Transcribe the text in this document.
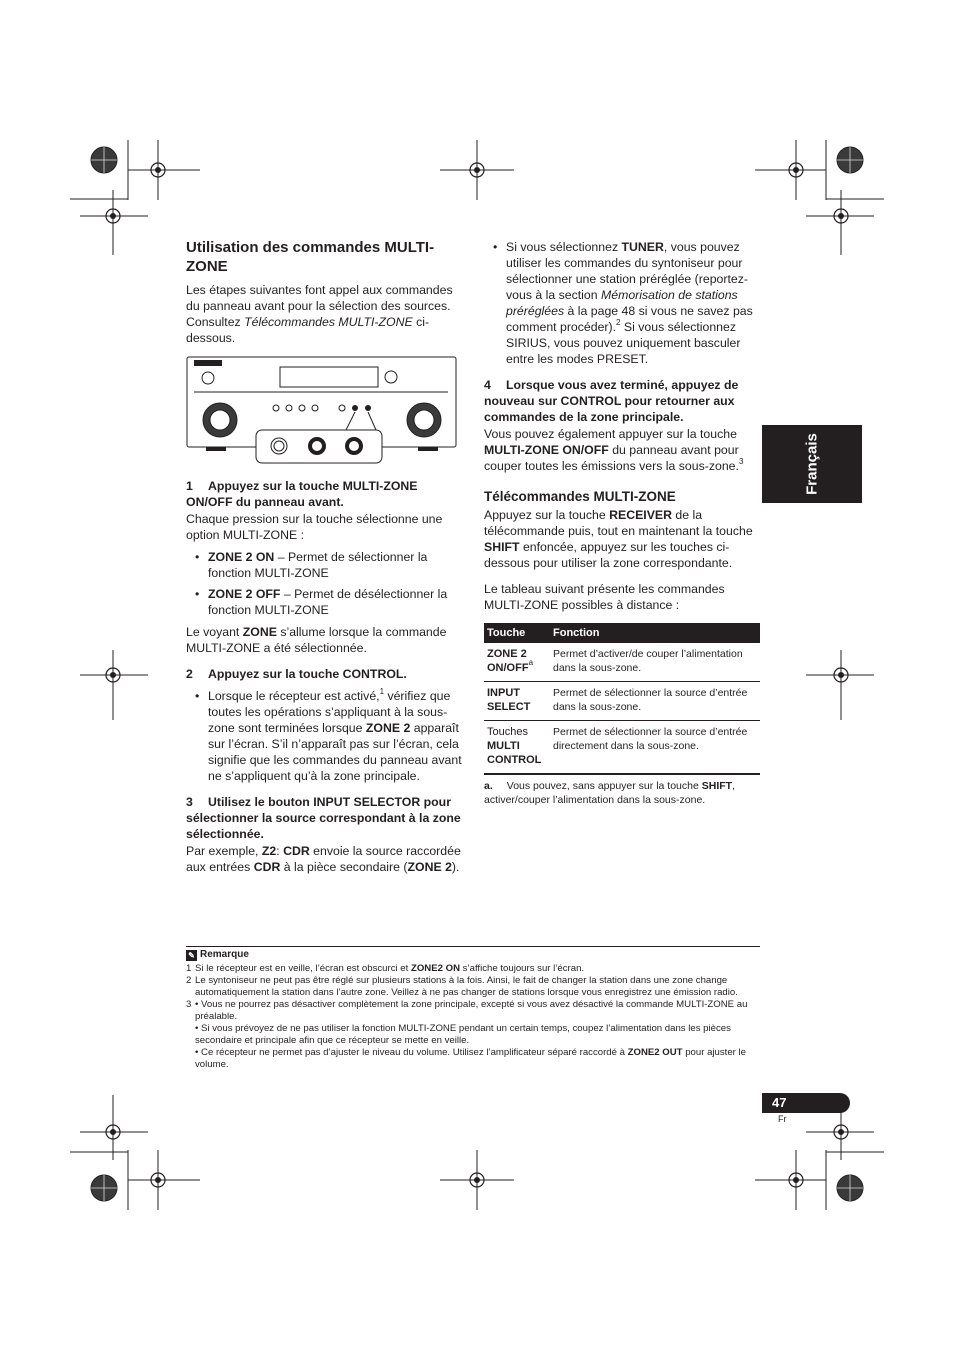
Utilisation des commandes MULTI-ZONE

Les étapes suivantes font appel aux commandes du panneau avant pour la sélection des sources. Consultez Télécommandes MULTI-ZONE ci-dessous.

1 Appuyez sur la touche MULTI-ZONE ON/OFF du panneau avant.

Chaque pression sur la touche sélectionne une option MULTI-ZONE :

• ZONE 2 ON – Permet de sélectionner la fonction MULTI-ZONE
• ZONE 2 OFF – Permet de désélectionner la fonction MULTI-ZONE

Le voyant ZONE s’allume lorsque la commande MULTI-ZONE a été sélectionnée.

2 Appuyez sur la touche CONTROL.

• Lorsque le récepteur est activé,$^1$ vérifiez que toutes les opérations s’appliquant à la sous-zone sont terminées lorsque ZONE 2 apparaît sur l’écran. S’il n’apparaît pas sur l’écran, cela signifie que les commandes du panneau avant ne s’appliquent qu’à la zone principale.

3 Utilisez le bouton INPUT SELECTOR pour sélectionner la source correspondant à la zone sélectionnée.

Par exemple, Z2: CDR envoie la source raccordée aux entrées CDR à la pièce secondaire (ZONE 2).

• Si vous sélectionnez TUNER, vous pouvez utiliser les commandes du syntoniseur pour sélectionner une station préréglée (reportez-vous à la section Mémorisation de stations préréglées à la page 48 si vous ne savez pas comment procéder).$^2$ Si vous sélectionnez SIRIUS, vous pouvez uniquement basculer entre les modes PRESET.

4 Lorsque vous avez terminé, appuyez de nouveau sur CONTROL pour retourner aux commandes de la zone principale.

Vous pouvez également appuyer sur la touche MULTI-ZONE ON/OFF du panneau avant pour couper toutes les émissions vers la sous-zone.$^3$

Télécommandes MULTI-ZONE

Appuyez sur la touche RECEIVER de la télécommande puis, tout en maintenant la touche SHIFT enfoncée, appuyez sur les touches ci-dessous pour utiliser la zone correspondante.

Le tableau suivant présente les commandes MULTI-ZONE possibles à distance :

Touche	Fonction
ZONE 2
ON/OFF$^a$	Permet d’activer/de couper l’alimentation dans la sous-zone.
INPUT
SELECT	Permet de sélectionner la source d’entrée dans la sous-zone.
Touches
MULTI
CONTROL	Permet de sélectionner la source d’entrée directement dans la sous-zone.
a. Vous pouvez, sans appuyer sur la touche SHIFT, activer/couper l’alimentation dans la sous-zone.
Français
✎ Remarque
1 Si le récepteur est en veille, l’écran est obscurci et ZONE2 ON s’affiche toujours sur l’écran.
2 Le syntoniseur ne peut pas être réglé sur plusieurs stations à la fois. Ainsi, le fait de changer la station dans une zone change automatiquement la station dans l’autre zone. Veillez à ne pas changer de stations lorsque vous enregistrez une émission radio.
3 • Vous ne pourrez pas désactiver complètement la zone principale, excepté si vous avez désactivé la commande MULTI-ZONE au préalable.
• Si vous prévoyez de ne pas utiliser la fonction MULTI-ZONE pendant un certain temps, coupez l’alimentation dans les pièces secondaire et principale afin que ce récepteur se mette en veille.
• Ce récepteur ne permet pas d’ajuster le niveau du volume. Utilisez l’amplificateur séparé raccordé à ZONE2 OUT pour ajuster le volume.
47
Fr
